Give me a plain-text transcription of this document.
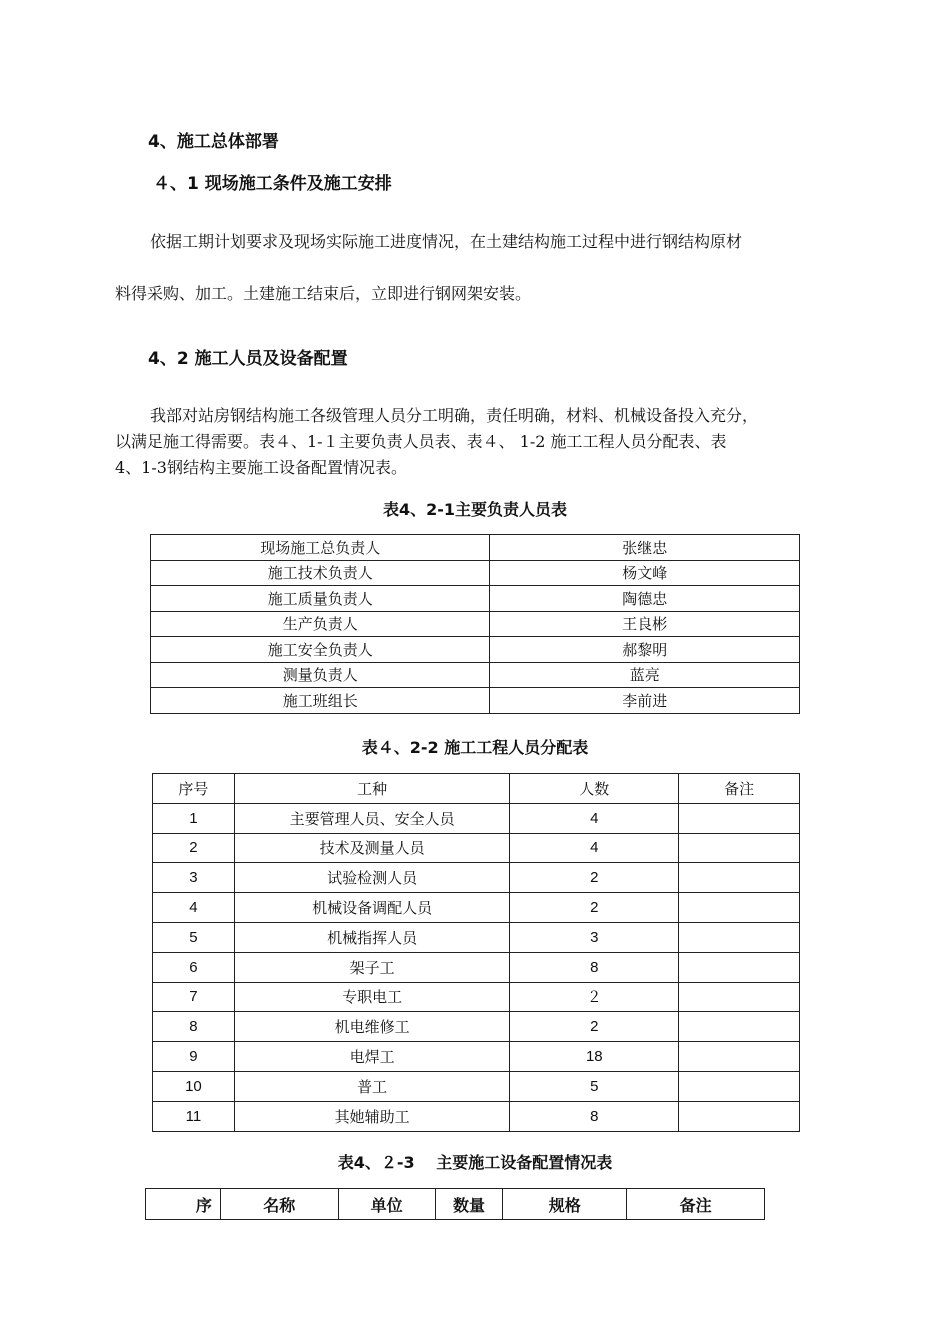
4、施工总体部署
４、1 现场施工条件及施工安排
依据工期计划要求及现场实际施工进度情况，在土建结构施工过程中进行钢结构原材
料得采购、加工。土建施工结束后，立即进行钢网架安装。
4、2 施工人员及设备配置
我部对站房钢结构施工各级管理人员分工明确，责任明确，材料、机械设备投入充分，
以满足施工得需要。表４、1-１主要负责人员表、表４、 1-2 施工工程人员分配表、表
4、1-3钢结构主要施工设备配置情况表。
表4、2-1主要负责人员表
现场施工总负责人	张继忠
施工技术负责人	杨文峰
施工质量负责人	陶德忠
生产负责人	王良彬
施工安全负责人	郝黎明
测量负责人	蓝亮
施工班组长	李前进
表４、2-2 施工工程人员分配表
序号	工种	人数	备注
1	主要管理人员、安全人员	4	
2	技术及测量人员	4	
3	试验检测人员	2	
4	机械设备调配人员	2	
5	机械指挥人员	3	
6	架子工	8	
7	专职电工	２	
8	机电维修工	2	
9	电焊工	18	
10	普工	5	
11	其她辅助工	8	
表4、２-3　 主要施工设备配置情况表
序	名称	单位	数量	规格	备注
